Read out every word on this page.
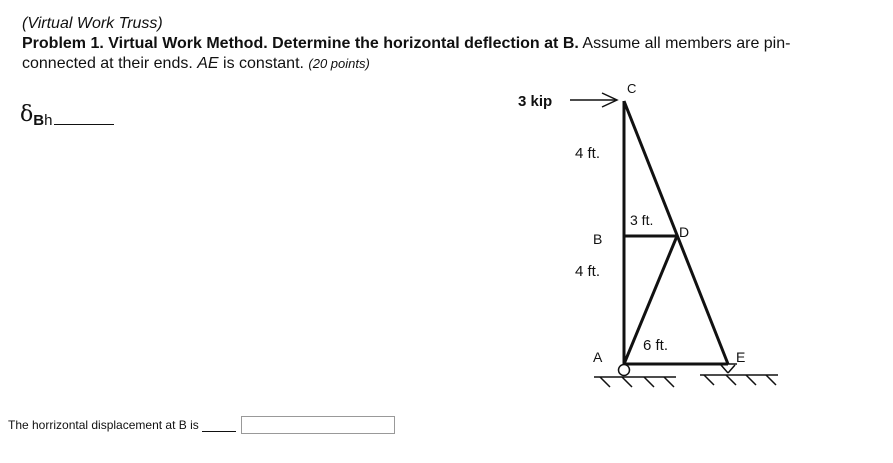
(Virtual Work Truss)
Problem 1. Virtual Work Method. Determine the horizontal deflection at B. Assume all members are pin-
connected at their ends. AE is constant. (20 points)
$\delta_{Bh}$
3 kip
C
4 ft.
3 ft.
D
B
4 ft.
6 ft.
A	E
The horrizontal displacement at B is
